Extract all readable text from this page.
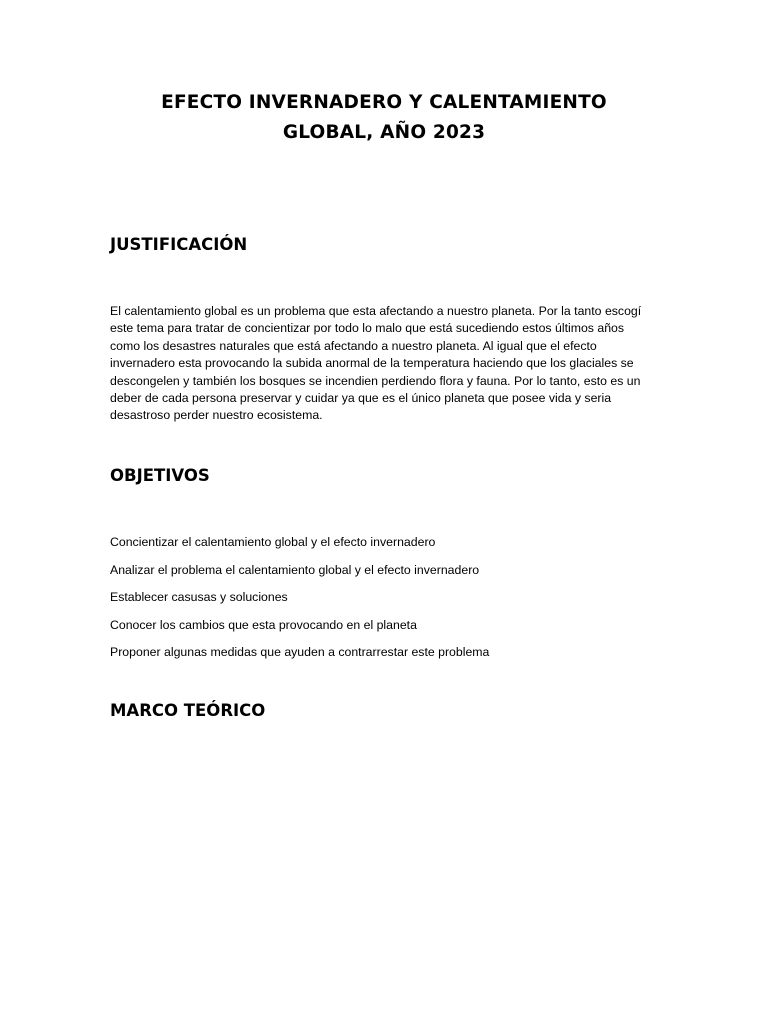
EFECTO INVERNADERO Y CALENTAMIENTO
GLOBAL, AÑO 2023
JUSTIFICACIÓN

El calentamiento global es un problema que esta afectando a nuestro planeta. Por la tanto escogí este tema para tratar de concientizar por todo lo malo que está sucediendo estos últimos años como los desastres naturales que está afectando a nuestro planeta. Al igual que el efecto invernadero esta provocando la subida anormal de la temperatura haciendo que los glaciales se descongelen y también los bosques se incendien perdiendo flora y fauna. Por lo tanto, esto es un deber de cada persona preservar y cuidar ya que es el único planeta que posee vida y seria desastroso perder nuestro ecosistema.

OBJETIVOS
Concientizar el calentamiento global y el efecto invernadero
Analizar el problema el calentamiento global y el efecto invernadero
Establecer casusas y soluciones
Conocer los cambios que esta provocando en el planeta
Proponer algunas medidas que ayuden a contrarrestar este problema
MARCO TEÓRICO
